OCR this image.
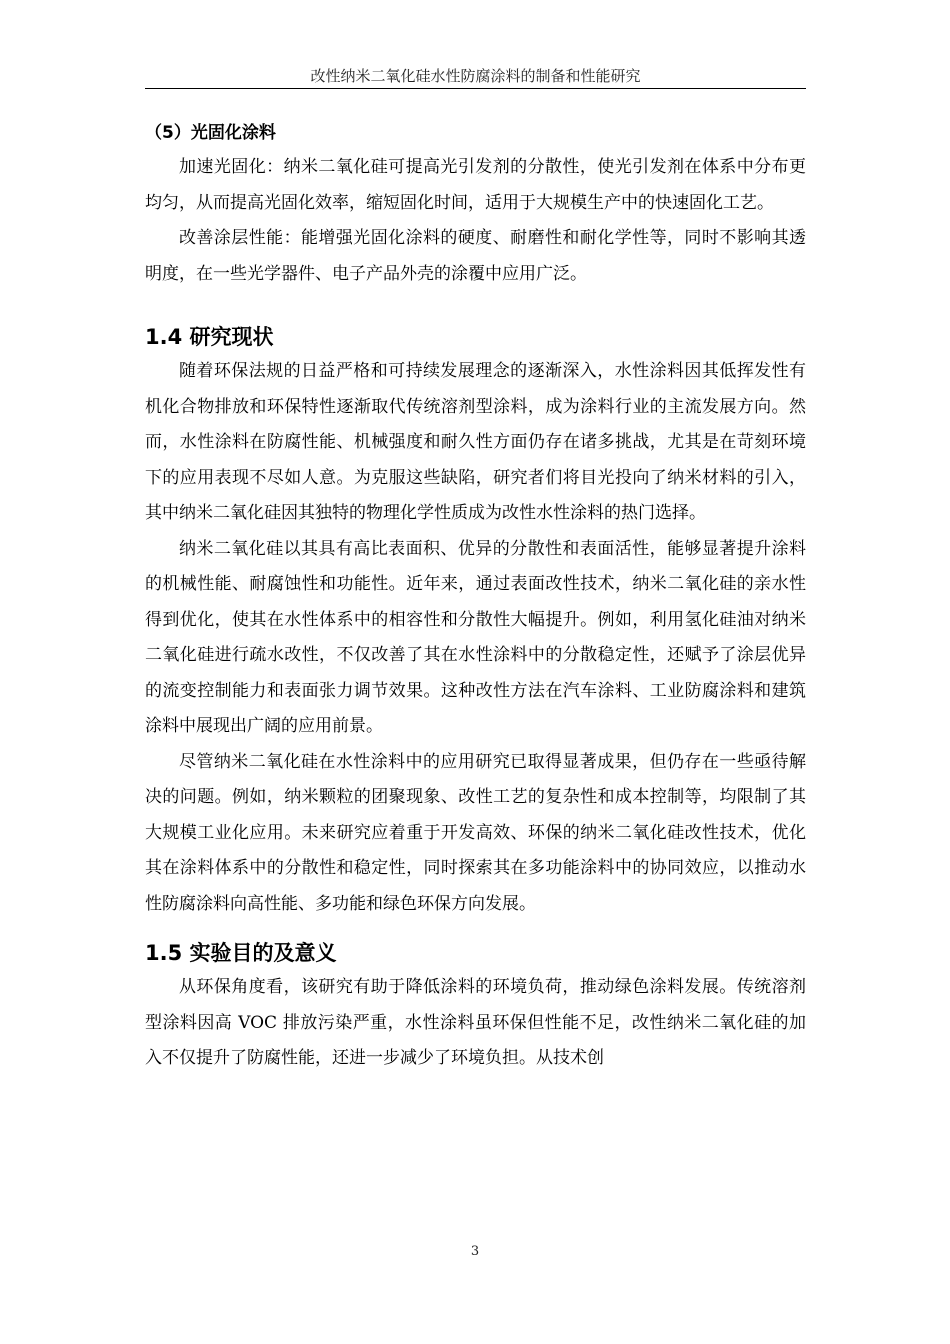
改性纳米二氧化硅水性防腐涂料的制备和性能研究
（5）光固化涂料

加速光固化：纳米二氧化硅可提高光引发剂的分散性，使光引发剂在体系中分布更均匀，从而提高光固化效率，缩短固化时间，适用于大规模生产中的快速固化工艺。

改善涂层性能：能增强光固化涂料的硬度、耐磨性和耐化学性等，同时不影响其透明度，在一些光学器件、电子产品外壳的涂覆中应用广泛。

1.4 研究现状

随着环保法规的日益严格和可持续发展理念的逐渐深入，水性涂料因其低挥发性有机化合物排放和环保特性逐渐取代传统溶剂型涂料，成为涂料行业的主流发展方向。然而，水性涂料在防腐性能、机械强度和耐久性方面仍存在诸多挑战，尤其是在苛刻环境下的应用表现不尽如人意。为克服这些缺陷，研究者们将目光投向了纳米材料的引入，其中纳米二氧化硅因其独特的物理化学性质成为改性水性涂料的热门选择。

纳米二氧化硅以其具有高比表面积、优异的分散性和表面活性，能够显著提升涂料的机械性能、耐腐蚀性和功能性。近年来，通过表面改性技术，纳米二氧化硅的亲水性得到优化，使其在水性体系中的相容性和分散性大幅提升。例如，利用氢化硅油对纳米二氧化硅进行疏水改性，不仅改善了其在水性涂料中的分散稳定性，还赋予了涂层优异的流变控制能力和表面张力调节效果。这种改性方法在汽车涂料、工业防腐涂料和建筑涂料中展现出广阔的应用前景。

尽管纳米二氧化硅在水性涂料中的应用研究已取得显著成果，但仍存在一些亟待解决的问题。例如，纳米颗粒的团聚现象、改性工艺的复杂性和成本控制等，均限制了其大规模工业化应用。未来研究应着重于开发高效、环保的纳米二氧化硅改性技术，优化其在涂料体系中的分散性和稳定性，同时探索其在多功能涂料中的协同效应，以推动水性防腐涂料向高性能、多功能和绿色环保方向发展。

1.5 实验目的及意义

从环保角度看，该研究有助于降低涂料的环境负荷，推动绿色涂料发展。传统溶剂型涂料因高 VOC 排放污染严重，水性涂料虽环保但性能不足，改性纳米二氧化硅的加入不仅提升了防腐性能，还进一步减少了环境负担。从技术创

3
